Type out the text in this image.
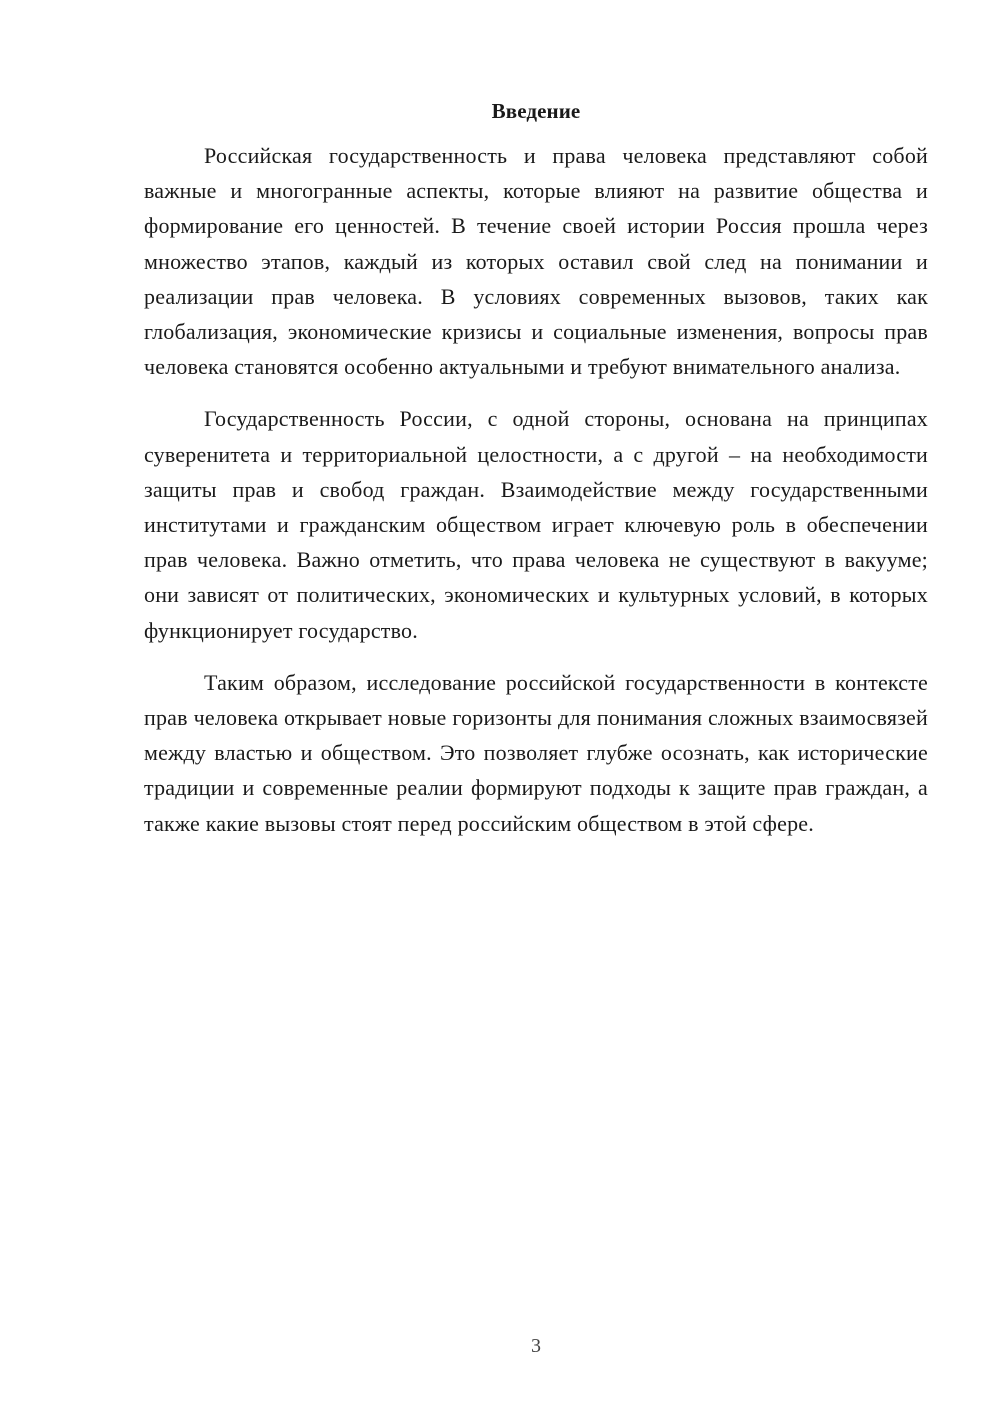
Введение

Российская государственность и права человека представляют собой важные и многогранные аспекты, которые влияют на развитие общества и формирование его ценностей. В течение своей истории Россия прошла через множество этапов, каждый из которых оставил свой след на понимании и реализации прав человека. В условиях современных вызовов, таких как глобализация, экономические кризисы и социальные изменения, вопросы прав человека становятся особенно актуальными и требуют внимательного анализа.

Государственность России, с одной стороны, основана на принципах суверенитета и территориальной целостности, а с другой – на необходимости защиты прав и свобод граждан. Взаимодействие между государственными институтами и гражданским обществом играет ключевую роль в обеспечении прав человека. Важно отметить, что права человека не существуют в вакууме; они зависят от политических, экономических и культурных условий, в которых функционирует государство.

Таким образом, исследование российской государственности в контексте прав человека открывает новые горизонты для понимания сложных взаимосвязей между властью и обществом. Это позволяет глубже осознать, как исторические традиции и современные реалии формируют подходы к защите прав граждан, а также какие вызовы стоят перед российским обществом в этой сфере.

3
